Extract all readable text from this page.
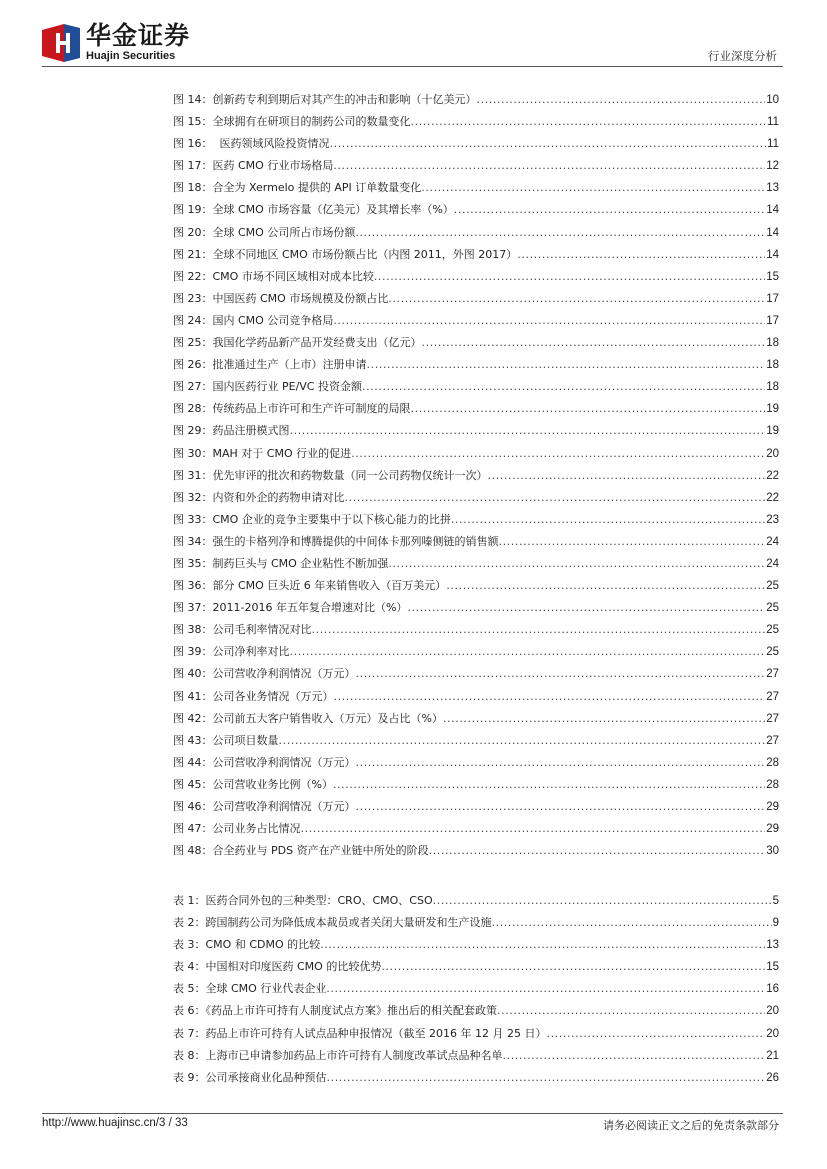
华金证券
Huajin Securities	行业深度分析
图 14：创新药专利到期后对其产生的冲击和影响（十亿美元） .....	10
图 15：全球拥有在研项目的制药公司的数量变化 .....	11
图 16：  医药领域风险投资情况 .....	11
图 17：医药 CMO 行业市场格局 .....	12
图 18：合全为 Xermelo 提供的 API 订单数量变化 .....	13
图 19：全球 CMO 市场容量（亿美元）及其增长率（%） .....	14
图 20：全球 CMO 公司所占市场份额 .....	14
图 21：全球不同地区 CMO 市场份额占比（内图 2011，外图 2017） .....	14
图 22：CMO 市场不同区域相对成本比较 .....	15
图 23：中国医药 CMO 市场规模及份额占比 .....	17
图 24：国内 CMO 公司竞争格局 .....	17
图 25：我国化学药品新产品开发经费支出（亿元） .....	18
图 26：批准通过生产（上市）注册申请 .....	18
图 27：国内医药行业 PE/VC 投资金额 .....	18
图 28：传统药品上市许可和生产许可制度的局限 .....	19
图 29：药品注册模式图 .....	19
图 30：MAH 对于 CMO 行业的促进 .....	20
图 31：优先审评的批次和药物数量（同一公司药物仅统计一次） .....	22
图 32：内资和外企的药物申请对比 .....	22
图 33：CMO 企业的竞争主要集中于以下核心能力的比拼 .....	23
图 34：强生的卡格列净和博腾提供的中间体卡那列嗪侧链的销售额 .....	24
图 35：制药巨头与 CMO 企业粘性不断加强 .....	24
图 36：部分 CMO 巨头近 6 年来销售收入（百万美元） .....	25
图 37：2011-2016 年五年复合增速对比（%） .....	25
图 38：公司毛利率情况对比 .....	25
图 39：公司净利率对比 .....	25
图 40：公司营收净利润情况（万元） .....	27
图 41：公司各业务情况（万元） .....	27
图 42：公司前五大客户销售收入（万元）及占比（%） .....	27
图 43：公司项目数量 .....	27
图 44：公司营收净利润情况（万元） .....	28
图 45：公司营收业务比例（%） .....	28
图 46：公司营收净利润情况（万元） .....	29
图 47：公司业务占比情况 .....	29
图 48：合全药业与 PDS 资产在产业链中所处的阶段 .....	30
表 1：医药合同外包的三种类型：CRO、CMO、CSO .....	5
表 2：跨国制药公司为降低成本裁员或者关闭大量研发和生产设施 .....	9
表 3：CMO 和 CDMO 的比较 .....	13
表 4：中国相对印度医药 CMO 的比较优势 .....	15
表 5：全球 CMO 行业代表企业 .....	16
表 6：《药品上市许可持有人制度试点方案》推出后的相关配套政策 .....	20
表 7：药品上市许可持有人试点品种申报情况（截至 2016 年 12 月 25 日） .....	20
表 8：上海市已申请参加药品上市许可持有人制度改革试点品种名单 .....	21
表 9：公司承接商业化品种预估 .....	26
http://www.huajinsc.cn/3 / 33	请务必阅读正文之后的免责条款部分
